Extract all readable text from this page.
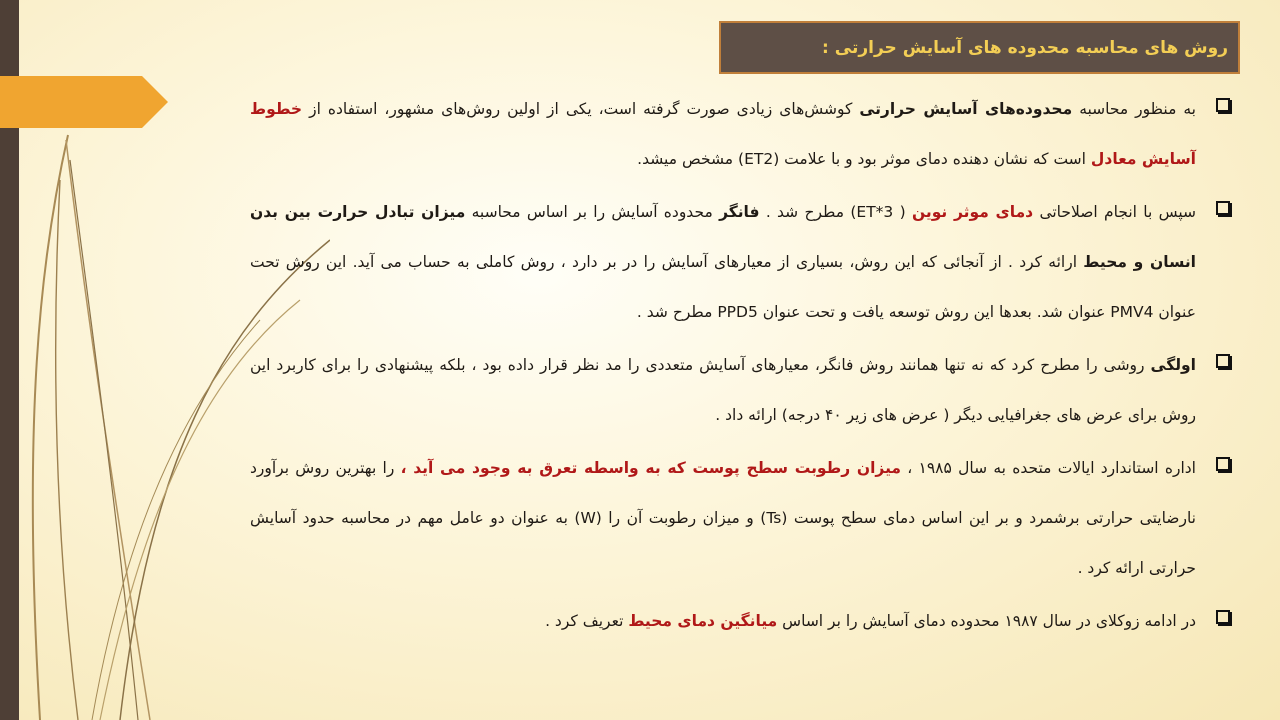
روش های محاسبه محدوده های آسایش حرارتی :

به منظور محاسبه محدوده‌های آسایش حرارتی کوشش‌های زیادی صورت گرفته است، یکی از اولین روش‌های مشهور، استفاده از خطوط آسایش معادل است که نشان دهنده دمای موثر بود و با علامت (ET2) مشخص میشد.

سپس با انجام اصلاحاتی دمای موثر نوین ( ET*3) مطرح شد . فانگر محدوده آسایش را بر اساس محاسبه میزان تبادل حرارت بین بدن انسان و محیط ارائه کرد . از آنجائی که این روش، بسیاری از معیارهای آسایش را در بر دارد ، روش کاملی به حساب می آید. این روش تحت عنوان PMV4 عنوان شد. بعدها این روش توسعه یافت و تحت عنوان PPD5 مطرح شد .

اولگی روشی را مطرح کرد که نه تنها همانند روش فانگر، معیارهای آسایش متعددی را مد نظر قرار داده بود ، بلکه پیشنهادی را برای کاربرد این روش برای عرض های جغرافیایی دیگر ( عرض های زیر ۴۰ درجه) ارائه داد .

اداره استاندارد ایالات متحده به سال ۱۹۸۵ ، میزان رطوبت سطح پوست که به واسطه تعرق به وجود می آید ، را بهترین روش برآورد نارضایتی حرارتی برشمرد و بر این اساس دمای سطح پوست (Ts) و میزان رطوبت آن را (W) به عنوان دو عامل مهم در محاسبه حدود آسایش حرارتی ارائه کرد .

در ادامه زوکلای در سال ۱۹۸۷ محدوده دمای آسایش را بر اساس میانگین دمای محیط تعریف کرد .
